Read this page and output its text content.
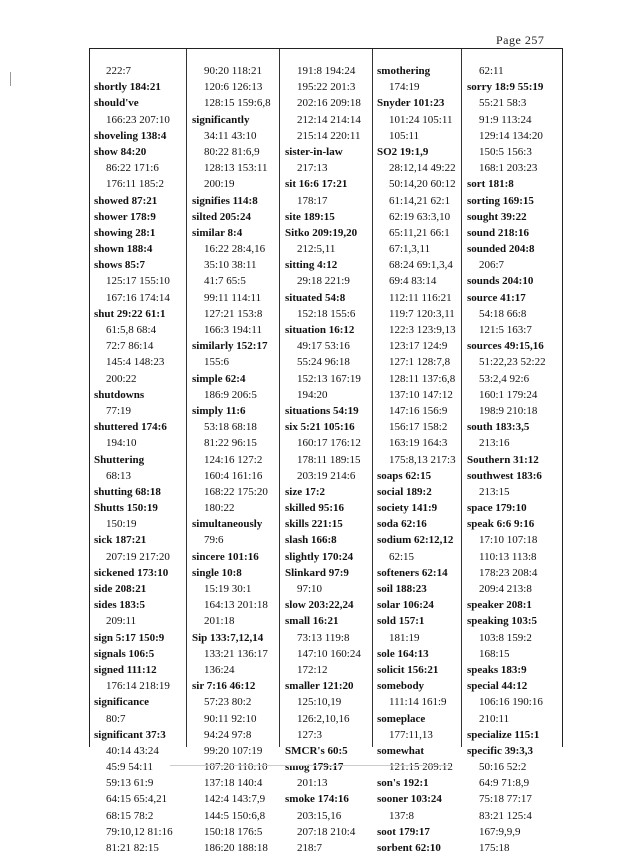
Page 257
222:7
shortly 184:21
should've
166:23 207:10
shoveling 138:4
show 84:20
86:22 171:6
176:11 185:2
showed 87:21
shower 178:9
showing 28:1
shown 188:4
shows 85:7
125:17 155:10
167:16 174:14
shut 29:22 61:1
61:5,8 68:4
72:7 86:14
145:4 148:23
200:22
shutdowns
77:19
shuttered 174:6
194:10
Shuttering
68:13
shutting 68:18
Shutts 150:19
150:19
sick 187:21
207:19 217:20
sickened 173:10
side 208:21
sides 183:5
209:11
sign 5:17 150:9
signals 106:5
signed 111:12
176:14 218:19
significance
80:7
significant 37:3
40:14 43:24
45:9 54:11
59:13 61:9
64:15 65:4,21
68:15 78:2
79:10,12 81:16
81:21 82:15
90:20 118:21
120:6 126:13
128:15 159:6,8
significantly
34:11 43:10
80:22 81:6,9
128:13 153:11
200:19
signifies 114:8
silted 205:24
similar 8:4
16:22 28:4,16
35:10 38:11
41:7 65:5
99:11 114:11
127:21 153:8
166:3 194:11
similarly 152:17
155:6
simple 62:4
186:9 206:5
simply 11:6
53:18 68:18
81:22 96:15
124:16 127:2
160:4 161:16
168:22 175:20
180:22
simultaneously
79:6
sincere 101:16
single 10:8
15:19 30:1
164:13 201:18
201:18
Sip 133:7,12,14
133:21 136:17
136:24
sir 7:16 46:12
57:23 80:2
90:11 92:10
94:24 97:8
99:20 107:19
107:20 110:10
137:18 140:4
142:4 143:7,9
144:5 150:6,8
150:18 176:5
186:20 188:18
191:8 194:24
195:22 201:3
202:16 209:18
212:14 214:14
215:14 220:11
sister-in-law
217:13
sit 16:6 17:21
178:17
site 189:15
Sitko 209:19,20
212:5,11
sitting 4:12
29:18 221:9
situated 54:8
152:18 155:6
situation 16:12
49:17 53:16
55:24 96:18
152:13 167:19
194:20
situations 54:19
six 5:21 105:16
160:17 176:12
178:11 189:15
203:19 214:6
size 17:2
skilled 95:16
skills 221:15
slash 166:8
slightly 170:24
Slinkard 97:9
97:10
slow 203:22,24
small 16:21
73:13 119:8
147:10 160:24
172:12
smaller 121:20
125:10,19
126:2,10,16
127:3
SMCR's 60:5
smog 179:17
201:13
smoke 174:16
203:15,16
207:18 210:4
218:7
smothering
174:19
Snyder 101:23
101:24 105:11
105:11
SO2 19:1,9
28:12,14 49:22
50:14,20 60:12
61:14,21 62:1
62:19 63:3,10
65:11,21 66:1
67:1,3,11
68:24 69:1,3,4
69:4 83:14
112:11 116:21
119:7 120:3,11
122:3 123:9,13
123:17 124:9
127:1 128:7,8
128:11 137:6,8
137:10 147:12
147:16 156:9
156:17 158:2
163:19 164:3
175:8,13 217:3
soaps 62:15
social 189:2
society 141:9
soda 62:16
sodium 62:12,12
62:15
softeners 62:14
soil 188:23
solar 106:24
sold 157:1
181:19
sole 164:13
solicit 156:21
somebody
111:14 161:9
someplace
177:11,13
somewhat
121:15 209:12
son's 192:1
sooner 103:24
137:8
soot 179:17
sorbent 62:10
62:11
sorry 18:9 55:19
55:21 58:3
91:9 113:24
129:14 134:20
150:5 156:3
168:1 203:23
sort 181:8
sorting 169:15
sought 39:22
sound 218:16
sounded 204:8
206:7
sounds 204:10
source 41:17
54:18 66:8
121:5 163:7
sources 49:15,16
51:22,23 52:22
53:2,4 92:6
160:1 179:24
198:9 210:18
south 183:3,5
213:16
Southern 31:12
southwest 183:6
213:15
space 179:10
speak 6:6 9:16
17:10 107:18
110:13 113:8
178:23 208:4
209:4 213:8
speaker 208:1
speaking 103:5
103:8 159:2
168:15
speaks 183:9
special 44:12
106:16 190:16
210:11
specialize 115:1
specific 39:3,3
50:16 52:2
64:9 71:8,9
75:18 77:17
83:21 125:4
167:9,9,9
175:18
